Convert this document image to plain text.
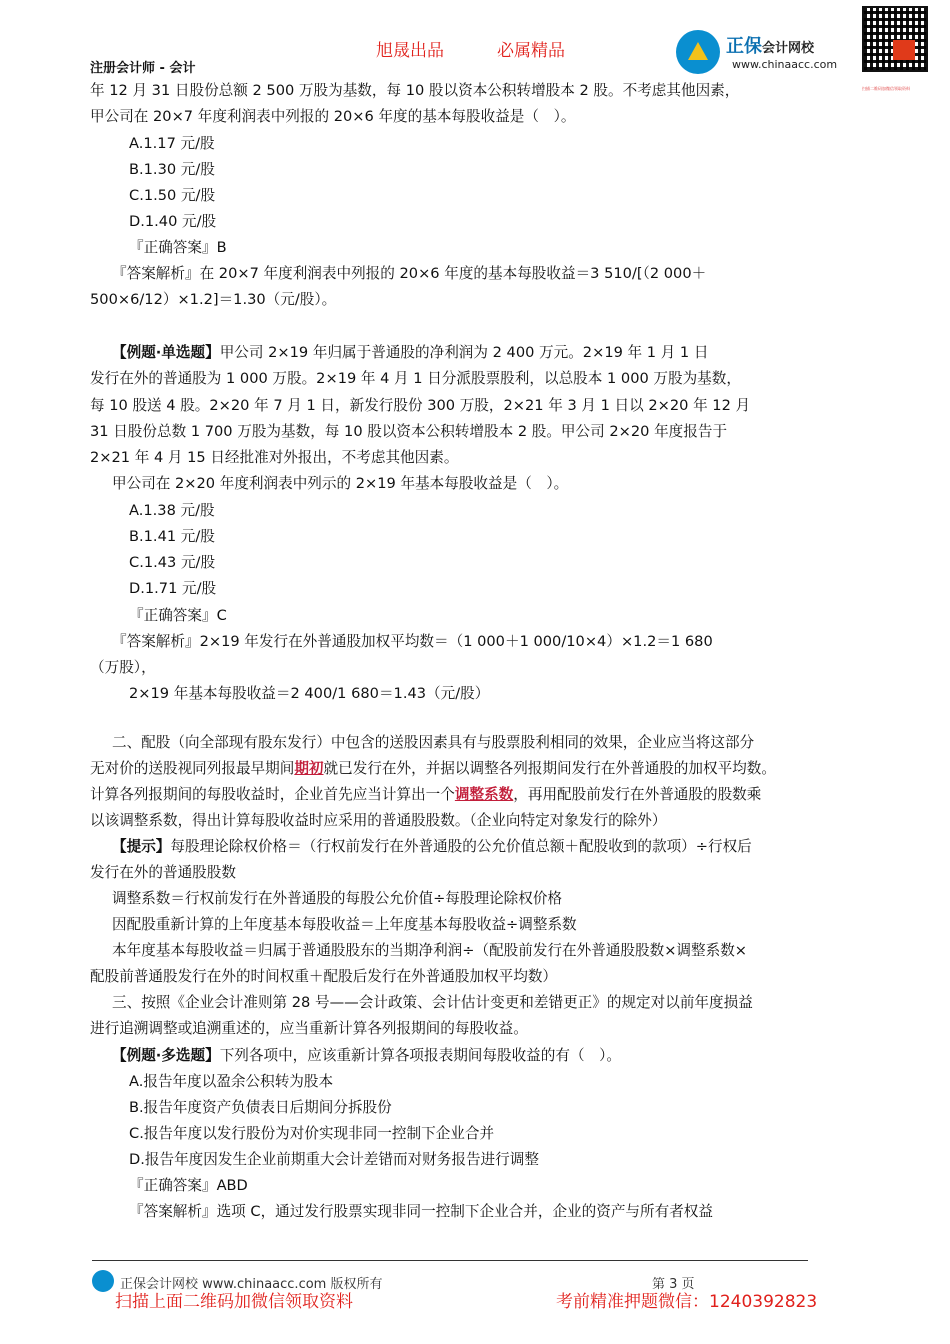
旭晟出品	必属精品
注册会计师 - 会计
正保会计网校
www.chinaacc.com
扫描二维码加微信领取资料
年 12 月 31 日股份总额 2 500 万股为基数，每 10 股以资本公积转增股本 2 股。不考虑其他因素，
甲公司在 20×7 年度利润表中列报的 20×6 年度的基本每股收益是（　）。
A.1.17 元/股
B.1.30 元/股
C.1.50 元/股
D.1.40 元/股
『正确答案』B
『答案解析』在 20×7 年度利润表中列报的 20×6 年度的基本每股收益＝3 510/[（2 000＋
500×6/12）×1.2]＝1.30（元/股）。
【例题·单选题】甲公司 2×19 年归属于普通股的净利润为 2 400 万元。2×19 年 1 月 1 日
发行在外的普通股为 1 000 万股。2×19 年 4 月 1 日分派股票股利，以总股本 1 000 万股为基数，
每 10 股送 4 股。2×20 年 7 月 1 日，新发行股份 300 万股，2×21 年 3 月 1 日以 2×20 年 12 月
31 日股份总数 1 700 万股为基数，每 10 股以资本公积转增股本 2 股。甲公司 2×20 年度报告于
2×21 年 4 月 15 日经批准对外报出，不考虑其他因素。
甲公司在 2×20 年度利润表中列示的 2×19 年基本每股收益是（　）。
A.1.38 元/股
B.1.41 元/股
C.1.43 元/股
D.1.71 元/股
『正确答案』C
『答案解析』2×19 年发行在外普通股加权平均数＝（1 000＋1 000/10×4）×1.2＝1 680
（万股），
2×19 年基本每股收益＝2 400/1 680＝1.43（元/股）
二、配股（向全部现有股东发行）中包含的送股因素具有与股票股利相同的效果，企业应当将这部分
无对价的送股视同列报最早期间期初就已发行在外，并据以调整各列报期间发行在外普通股的加权平均数。
计算各列报期间的每股收益时，企业首先应当计算出一个调整系数，再用配股前发行在外普通股的股数乘
以该调整系数，得出计算每股收益时应采用的普通股股数。（企业向特定对象发行的除外）
【提示】每股理论除权价格＝（行权前发行在外普通股的公允价值总额＋配股收到的款项）÷行权后
发行在外的普通股股数
调整系数＝行权前发行在外普通股的每股公允价值÷每股理论除权价格
因配股重新计算的上年度基本每股收益＝上年度基本每股收益÷调整系数
本年度基本每股收益＝归属于普通股股东的当期净利润÷（配股前发行在外普通股股数×调整系数×
配股前普通股发行在外的时间权重＋配股后发行在外普通股加权平均数）
三、按照《企业会计准则第 28 号——会计政策、会计估计变更和差错更正》的规定对以前年度损益
进行追溯调整或追溯重述的，应当重新计算各列报期间的每股收益。
【例题·多选题】下列各项中，应该重新计算各项报表期间每股收益的有（　）。
A.报告年度以盈余公积转为股本
B.报告年度资产负债表日后期间分拆股份
C.报告年度以发行股份为对价实现非同一控制下企业合并
D.报告年度因发生企业前期重大会计差错而对财务报告进行调整
『正确答案』ABD
『答案解析』选项 C，通过发行股票实现非同一控制下企业合并，企业的资产与所有者权益
正保会计网校 www.chinaacc.com 版权所有	第 3 页
扫描上面二维码加微信领取资料	考前精准押题微信：1240392823
